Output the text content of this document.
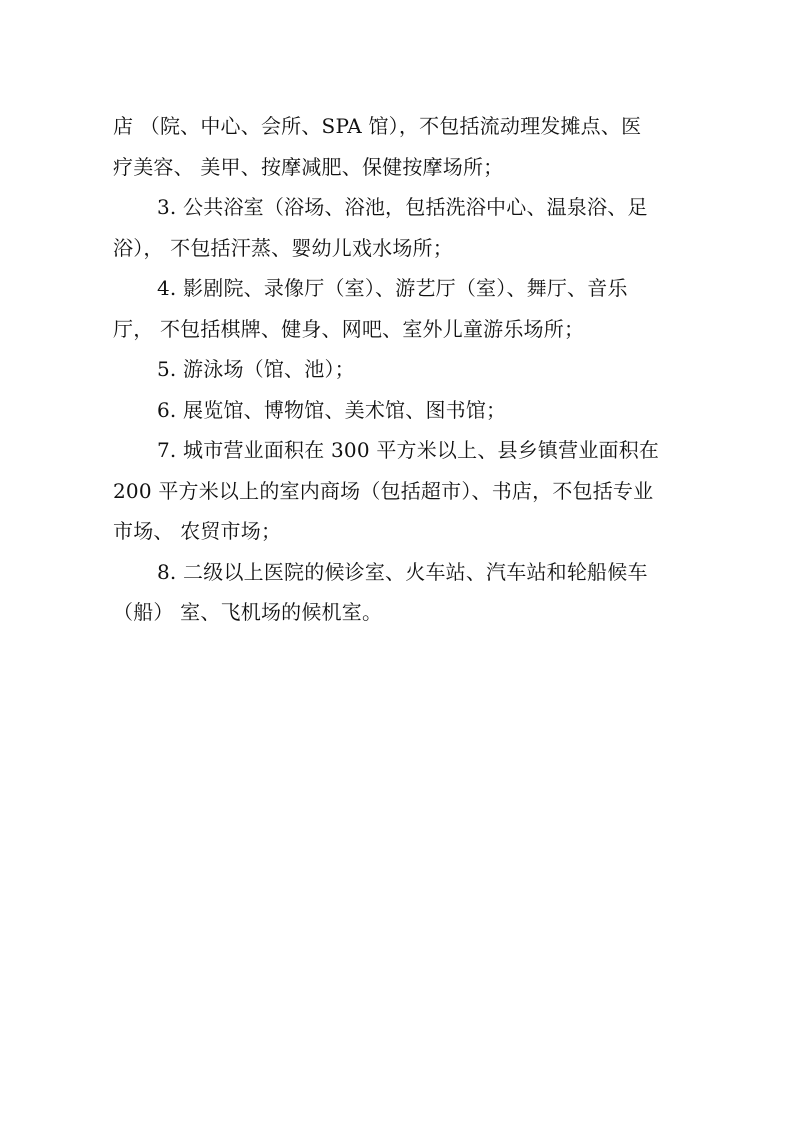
店 （院、中心、会所、SPA 馆），不包括流动理发摊点、医
疗美容、 美甲、按摩减肥、保健按摩场所；
3. 公共浴室（浴场、浴池，包括洗浴中心、温泉浴、足
浴）， 不包括汗蒸、婴幼儿戏水场所；
4. 影剧院、录像厅（室）、游艺厅（室）、舞厅、音乐
厅， 不包括棋牌、健身、网吧、室外儿童游乐场所；
5. 游泳场（馆、池）；
6. 展览馆、博物馆、美术馆、图书馆；
7. 城市营业面积在 300 平方米以上、县乡镇营业面积在
200 平方米以上的室内商场（包括超市）、书店，不包括专业
市场、 农贸市场；
8. 二级以上医院的候诊室、火车站、汽车站和轮船候车
（船） 室、飞机场的候机室。
